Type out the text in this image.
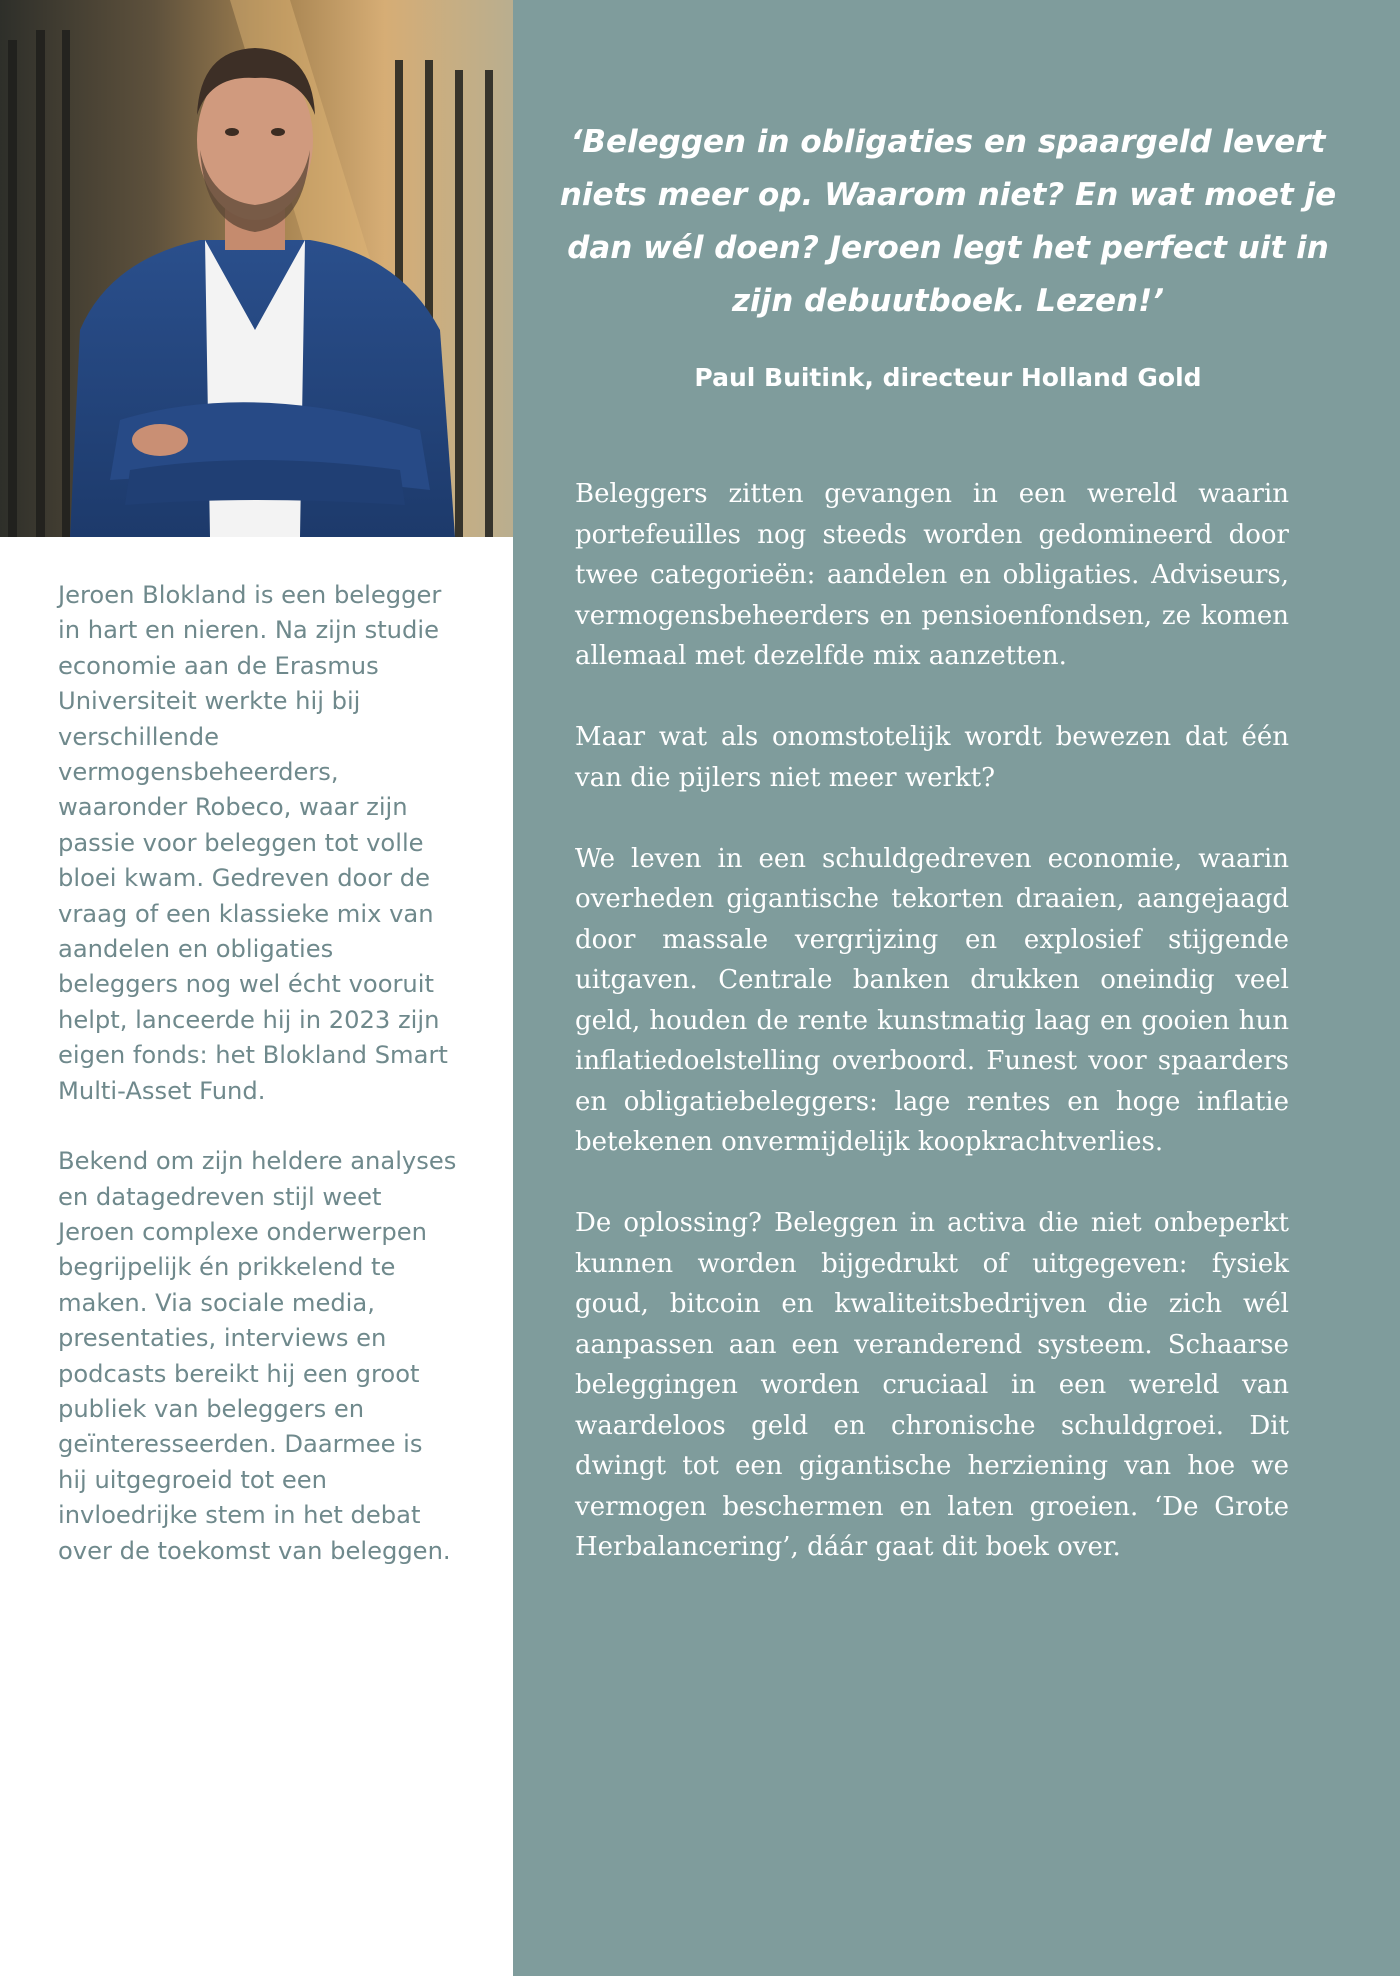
Jeroen Blokland is een belegger in hart en nieren. Na zijn studie economie aan de Erasmus Universiteit werkte hij bij verschillende vermogensbeheerders, waaronder Robeco, waar zijn passie voor beleggen tot volle bloei kwam. Gedreven door de vraag of een klassieke mix van aandelen en obligaties beleggers nog wel écht vooruit helpt, lanceerde hij in 2023 zijn eigen fonds: het Blokland Smart Multi-Asset Fund.

Bekend om zijn heldere analyses en datagedreven stijl weet Jeroen complexe onderwerpen begrijpelijk én prikkelend te maken. Via sociale media, presentaties, interviews en podcasts bereikt hij een groot publiek van beleggers en geïnteresseerden. Daarmee is hij uitgegroeid tot een invloedrijke stem in het debat over de toekomst van beleggen.

‘Beleggen in obligaties en spaargeld levert niets meer op. Waarom niet? En wat moet je dan wél doen? Jeroen legt het perfect uit in zijn debuutboek. Lezen!’

Paul Buitink, directeur Holland Gold

Beleggers zitten gevangen in een wereld waarin portefeuilles nog steeds worden gedomineerd door twee categorieën: aandelen en obligaties. Adviseurs, vermogensbeheerders en pensioenfondsen, ze komen allemaal met dezelfde mix aanzetten.

Maar wat als onomstotelijk wordt bewezen dat één van die pijlers niet meer werkt?

We leven in een schuldgedreven economie, waarin overheden gigantische tekorten draaien, aangejaagd door massale vergrijzing en explosief stijgende uitgaven. Centrale banken drukken oneindig veel geld, houden de rente kunstmatig laag en gooien hun inflatiedoelstelling overboord. Funest voor spaarders en obligatiebeleggers: lage rentes en hoge inflatie betekenen onvermijdelijk koopkrachtverlies.

De oplossing? Beleggen in activa die niet onbeperkt kunnen worden bijgedrukt of uitgegeven: fysiek goud, bitcoin en kwaliteitsbedrijven die zich wél aanpassen aan een veranderend systeem. Schaarse beleggingen worden cruciaal in een wereld van waardeloos geld en chronische schuldgroei. Dit dwingt tot een gigantische herziening van hoe we vermogen beschermen en laten groeien. ‘De Grote Herbalancering’, dáár gaat dit boek over.
